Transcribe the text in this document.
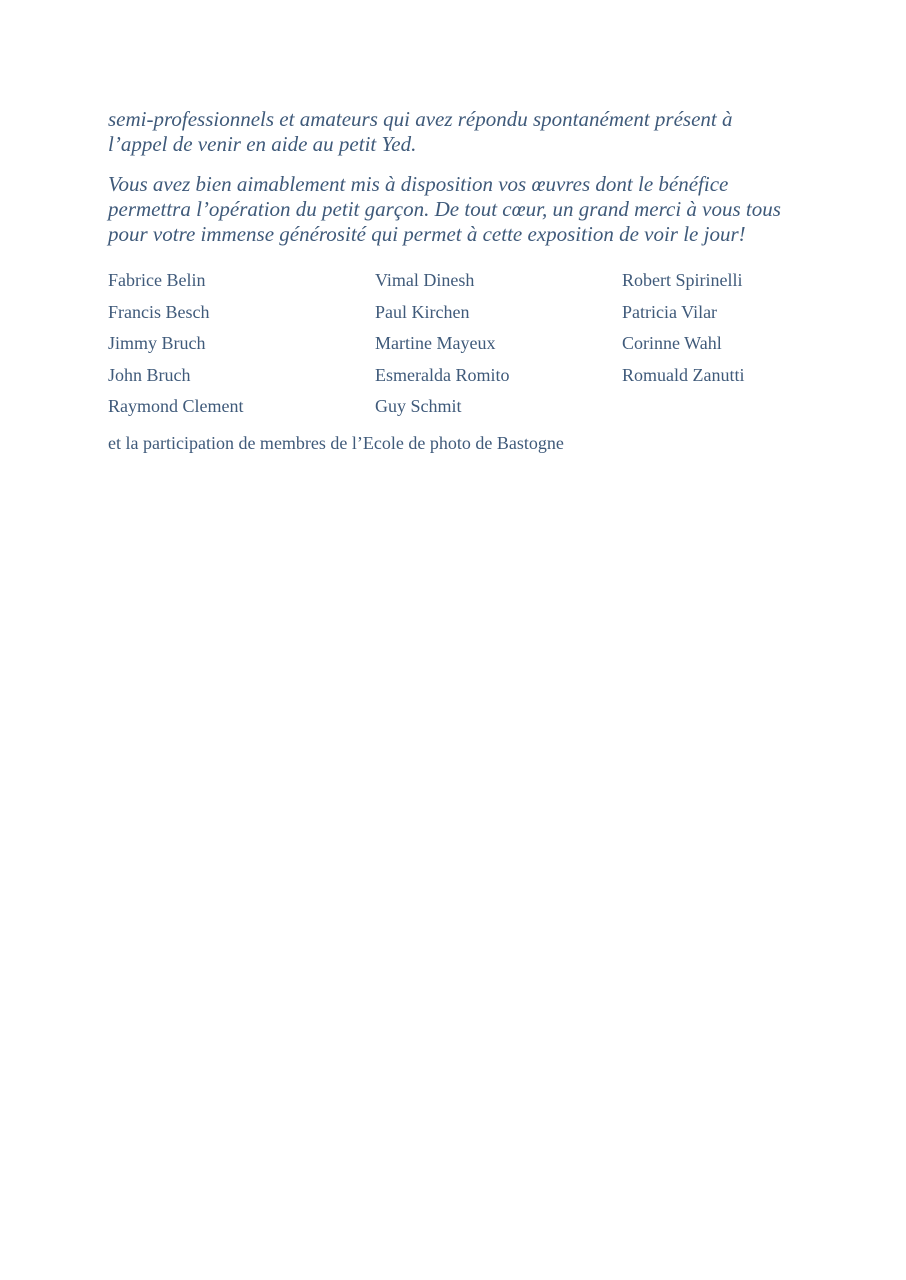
semi-professionnels et amateurs qui avez répondu spontanément présent à
l’appel de venir en aide au petit Yed.

Vous avez bien aimablement mis à disposition vos œuvres dont le bénéfice
permettra l’opération du petit garçon. De tout cœur, un grand merci à vous tous
pour votre immense générosité qui permet à cette exposition de voir le jour!

Fabrice Belin

Francis Besch

Jimmy Bruch

John Bruch

Raymond Clement

Vimal Dinesh

Paul Kirchen

Martine Mayeux

Esmeralda Romito

Guy Schmit

Robert Spirinelli

Patricia Vilar

Corinne Wahl

Romuald Zanutti

et la participation de membres de l’Ecole de photo de Bastogne
